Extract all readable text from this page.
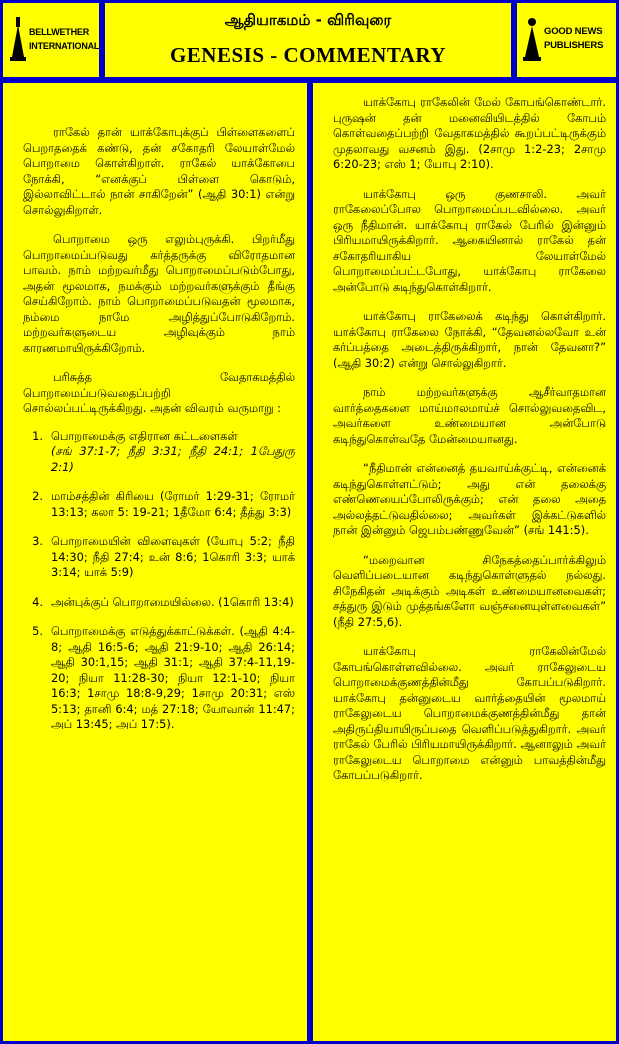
BELLWETHER
INTERNATIONAL
ஆதியாகமம் - விரிவுரை
GENESIS - COMMENTARY
GOOD NEWS
PUBLISHERS

ராகேல் தான் யாக்கோபுக்குப் பிள்ளைகளைப் பெறாததைக் கண்டு, தன் சகோதரி லேயாள்மேல் பொறாமை கொள்கிறாள். ராகேல் யாக்கோபை நோக்கி, “எனக்குப் பிள்ளை கொடும், இல்லாவிட்டால் நான் சாகிறேன்” (ஆதி 30:1) என்று சொல்லுகிறாள்.

பொறாமை ஒரு எலும்புருக்கி. பிறர்மீது பொறாமைப்படுவது கர்த்தருக்கு விரோதமான பாவம். நாம் மற்றவர்மீது பொறாமைப்படும்போது, அதன் மூலமாக, நமக்கும் மற்றவர்களுக்கும் தீங்கு செய்கிறோம். நாம் பொறாமைப்படுவதன் மூலமாக, நம்மை நாமே அழித்துப்போடுகிறோம். மற்றவர்களுடைய அழிவுக்கும் நாம் காரணமாயிருக்கிறோம்.

பரிசுத்த வேதாகமத்தில் பொறாமைப்படுவதைப்பற்றி சொல்லப்பட்டிருக்கிறது. அதன் விவரம் வருமாறு :

1. பொறாமைக்கு எதிரான கட்டளைகள்
(சங் 37:1-7; நீதி 3:31; நீதி 24:1; 1பேதுரு 2:1)
2. மாம்சத்தின் கிரியை (ரோமர் 1:29-31; ரோமர் 13:13; கலா 5: 19-21; 1தீமோ 6:4; தீத்து 3:3)
3. பொறாமையின் விளைவுகள் (யோபு 5:2; நீதி 14:30; நீதி 27:4; உன் 8:6; 1கொரி 3:3; யாக் 3:14; யாக் 5:9)
4. அன்புக்குப் பொறாமையில்லை. (1கொரி 13:4)
5. பொறாமைக்கு எடுத்துக்காட்டுக்கள். (ஆதி 4:4-8; ஆதி 16:5-6; ஆதி 21:9-10; ஆதி 26:14; ஆதி 30:1,15; ஆதி 31:1; ஆதி 37:4-11,19-20; நியா 11:28-30; நியா 12:1-10; நியா 16:3; 1சாமு 18:8-9,29; 1சாமு 20:31; எஸ் 5:13; தானி 6:4; மத் 27:18; யோவான் 11:47; அப் 13:45; அப் 17:5).

யாக்கோபு ராகேலின் மேல் கோபங்கொண்டார். புருஷன் தன் மனைவியிடத்தில் கோபம் கொள்வதைப்பற்றி வேதாகமத்தில் கூறப்பட்டிருக்கும் முதலாவது வசனம் இது. (2சாமு 1:2-23; 2சாமு 6:20-23; எஸ் 1; யோபு 2:10).

யாக்கோபு ஒரு குணசாலி. அவர் ராகேலைப்போல பொறாமைப்படவில்லை. அவர் ஒரு நீதிமான். யாக்கோபு ராகேல் பேரில் இன்னும் பிரியமாயிருக்கிறார். ஆகையினால் ராகேல் தன் சகோதரியாகிய லேயாள்மேல் பொறாமைப்பட்டபோது, யாக்கோபு ராகேலை அன்போடு கடிந்துகொள்கிறார்.

யாக்கோபு ராகேலைக் கடிந்து கொள்கிறார். யாக்கோபு ராகேலை நோக்கி, “தேவனல்லவோ உன் கர்ப்பத்தை அடைத்திருக்கிறார், நான் தேவனா?” (ஆதி 30:2) என்று சொல்லுகிறார்.

நாம் மற்றவர்களுக்கு ஆசீர்வாதமான வார்த்தைகளை மாய்மாலமாய்ச் சொல்லுவதைவிட, அவர்களை உண்மையான அன்போடு கடிந்துகொள்வதே மேன்மையானது.

“நீதிமான் என்னைத் தயவாய்க்குட்டி, என்னைக் கடிந்துகொள்ளட்டும்; அது என் தலைக்கு எண்ணெயைப்போலிருக்கும்; என் தலை அதை அல்லத்தட்டுவதில்லை; அவர்கள் இக்கட்டுகளில் நான் இன்னும் ஜெபம்பண்ணுவேன்” (சங் 141:5).

“மறைவான சிநேகத்தைப்பார்க்கிலும் வெளிப்படையான கடிந்துகொள்ளுதல் நல்லது. சிநேகிதன் அடிக்கும் அடிகள் உண்மையானவைகள்; சத்துரு இடும் முத்தங்களோ வஞ்சனையுள்ளவைகள்” (நீதி 27:5,6).

யாக்கோபு ராகேலின்மேல் கோபங்கொள்ளவில்லை. அவர் ராகேலுடைய பொறாமைக்குணத்தின்மீது கோபப்படுகிறார். யாக்கோபு தன்னுடைய வார்த்தையின் மூலமாய் ராகேலுடைய பொறாமைக்குணத்தின்மீது தான் அதிருப்தியாயிருப்பதை வெளிப்படுத்துகிறார். அவர் ராகேல் பேரில் பிரியமாயிருக்கிறார். ஆனாலும் அவர் ராகேலுடைய பொறாமை என்னும் பாவத்தின்மீது கோபப்படுகிறார்.
